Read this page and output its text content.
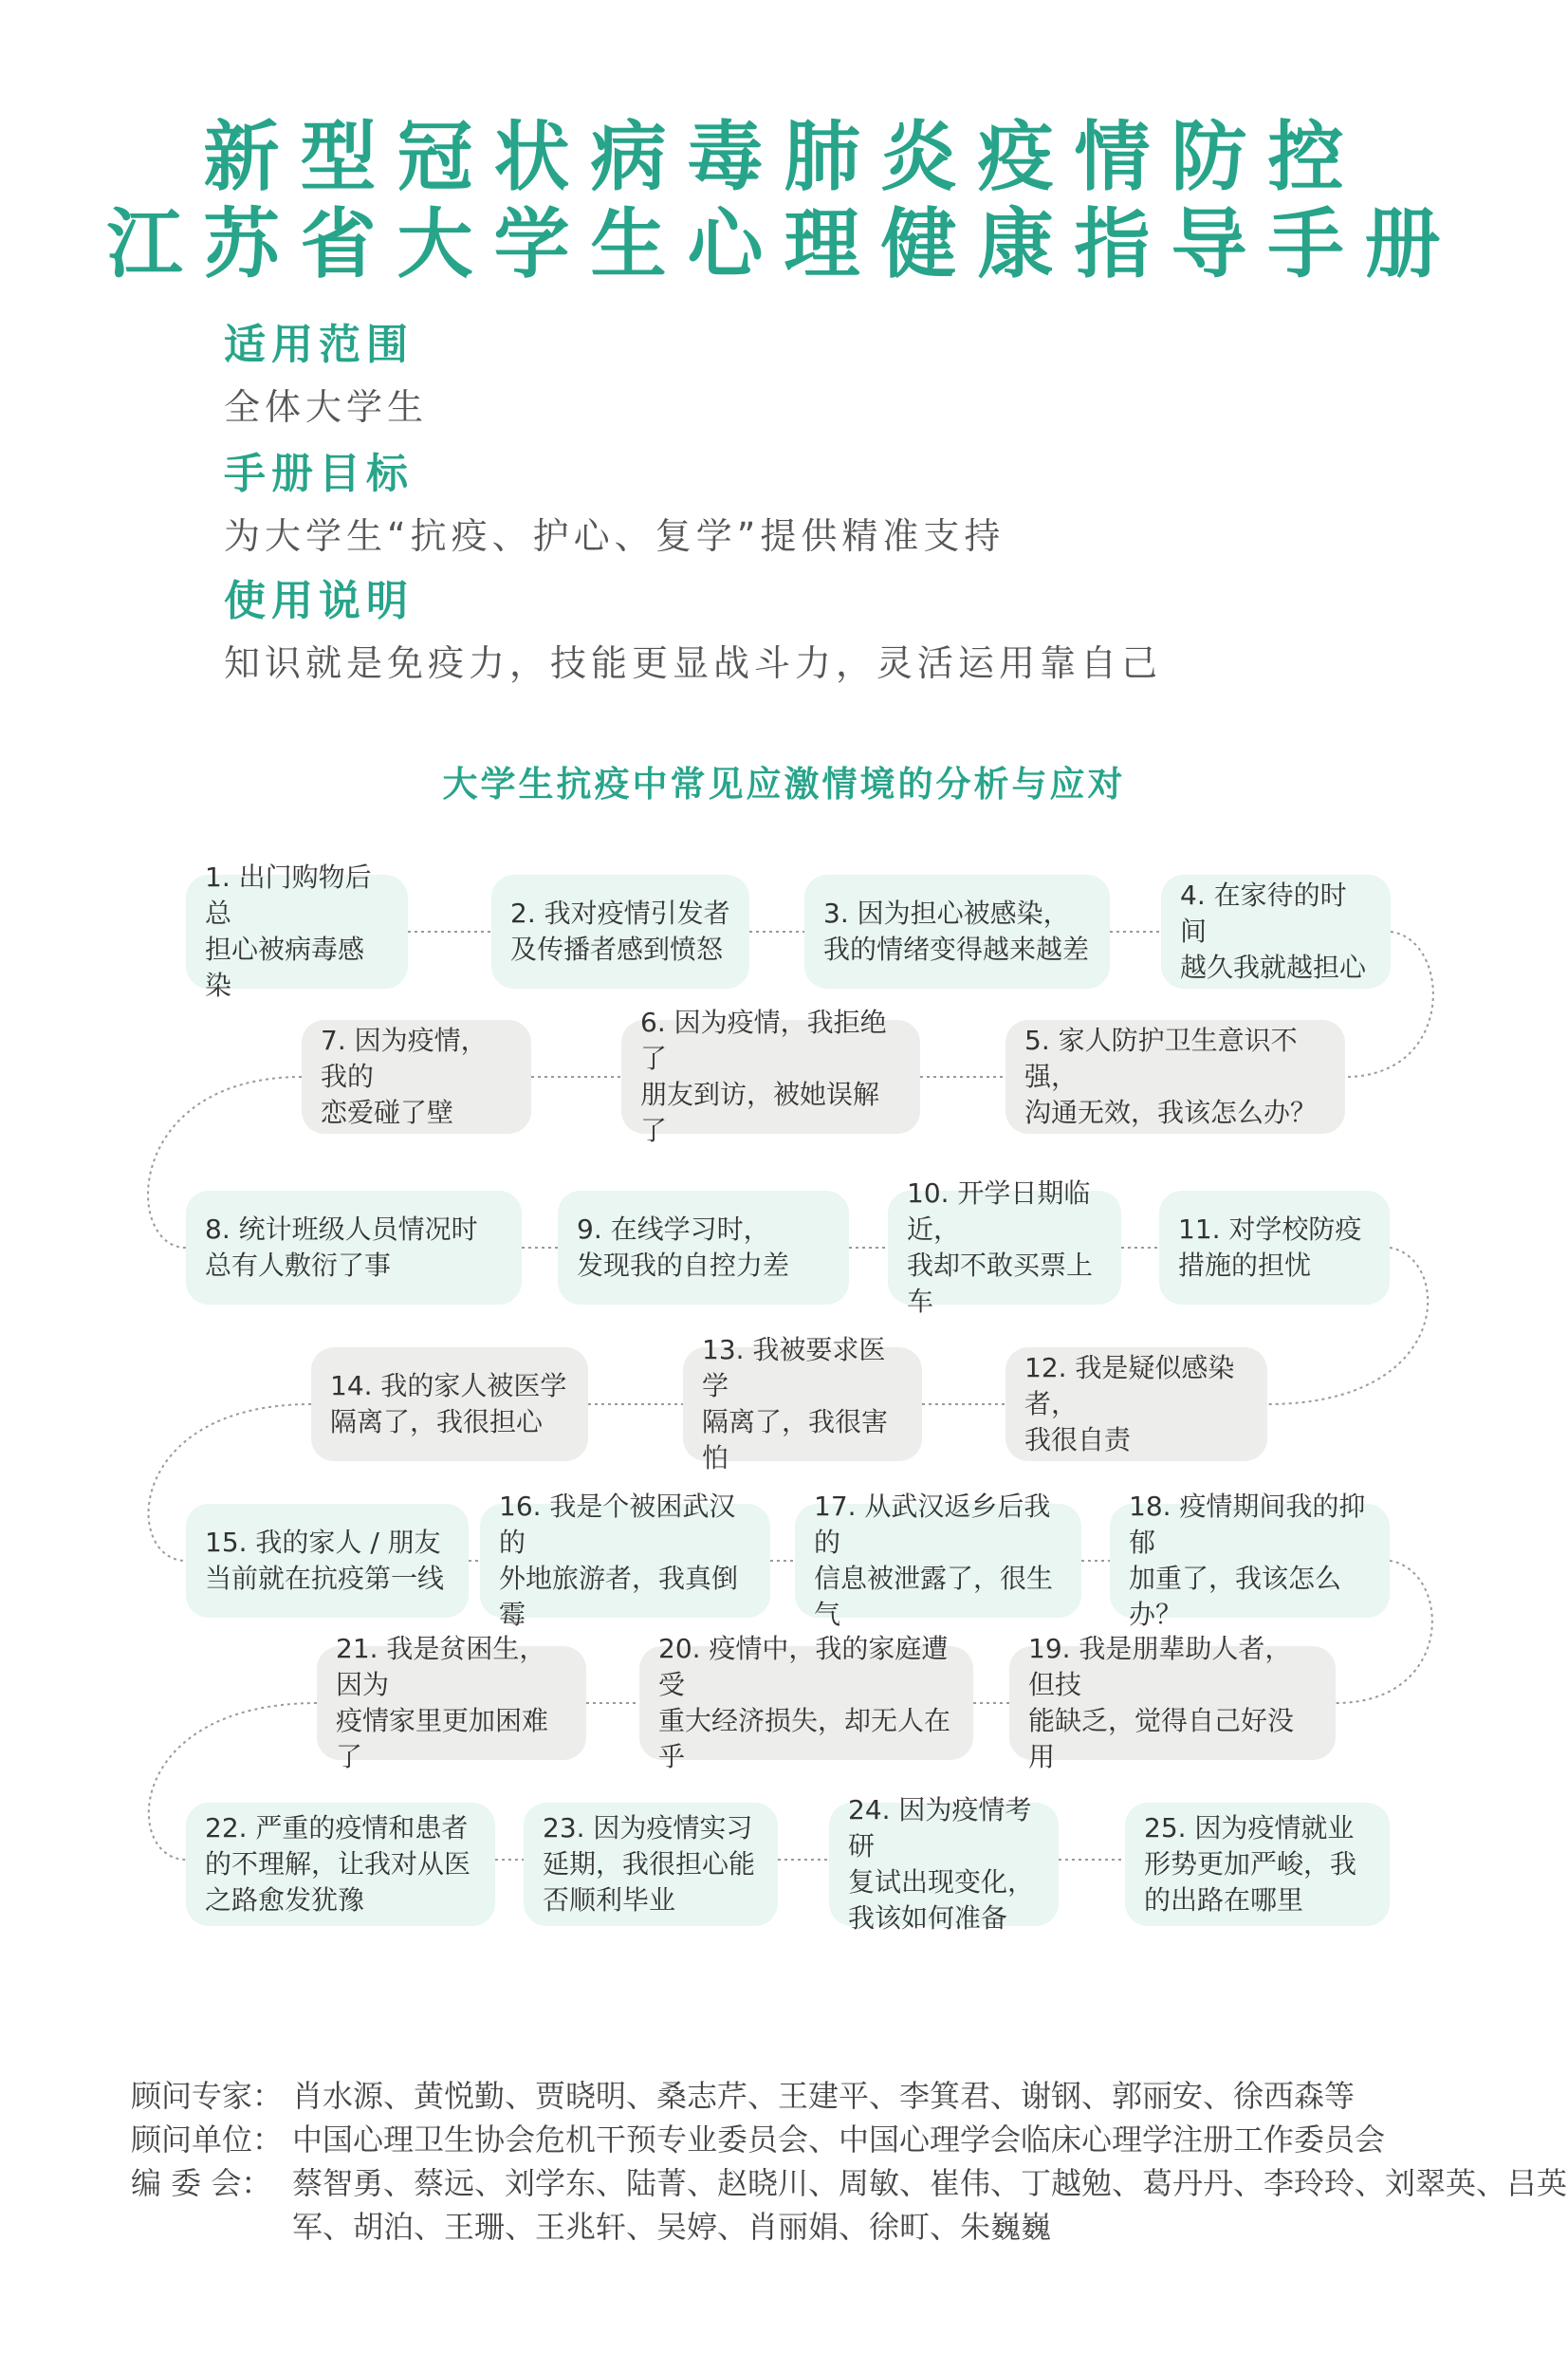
新型冠状病毒肺炎疫情防控
江苏省大学生心理健康指导手册

适用范围

全体大学生

手册目标

为大学生“抗疫、护心、复学”提供精准支持

使用说明

知识就是免疫力，技能更显战斗力，灵活运用靠自己

大学生抗疫中常见应激情境的分析与应对
1. 出门购物后总
担心被病毒感染
2. 我对疫情引发者
及传播者感到愤怒
3. 因为担心被感染，
我的情绪变得越来越差
4. 在家待的时间
越久我就越担心
5. 家人防护卫生意识不强，
沟通无效，我该怎么办？
6. 因为疫情，我拒绝了
朋友到访，被她误解了
7. 因为疫情，我的
恋爱碰了壁
8. 统计班级人员情况时
总有人敷衍了事
9. 在线学习时，
发现我的自控力差
10. 开学日期临近，
我却不敢买票上车
11. 对学校防疫
措施的担忧
12. 我是疑似感染者，
我很自责
13. 我被要求医学
隔离了，我很害怕
14. 我的家人被医学
隔离了，我很担心
15. 我的家人 / 朋友
当前就在抗疫第一线
16. 我是个被困武汉的
外地旅游者，我真倒霉
17. 从武汉返乡后我的
信息被泄露了，很生气
18. 疫情期间我的抑郁
加重了，我该怎么办？
19. 我是朋辈助人者，但技
能缺乏，觉得自己好没用
20. 疫情中，我的家庭遭受
重大经济损失，却无人在乎
21. 我是贫困生，因为
疫情家里更加困难了
22. 严重的疫情和患者
的不理解，让我对从医
之路愈发犹豫
23. 因为疫情实习
延期，我很担心能
否顺利毕业
24. 因为疫情考研
复试出现变化，
我该如何准备
25. 因为疫情就业
形势更加严峻，我
的出路在哪里
顾问专家： 肖水源、黄悦勤、贾晓明、桑志芹、王建平、李箕君、谢钢、郭丽安、徐西森等
顾问单位： 中国心理卫生协会危机干预专业委员会、中国心理学会临床心理学注册工作委员会
编 委 会： 蔡智勇、蔡远、刘学东、陆菁、赵晓川、周敏、崔伟、丁越勉、葛丹丹、李玲玲、刘翠英、吕英军、胡泊、王珊、王兆轩、吴婷、肖丽娟、徐町、朱巍巍
